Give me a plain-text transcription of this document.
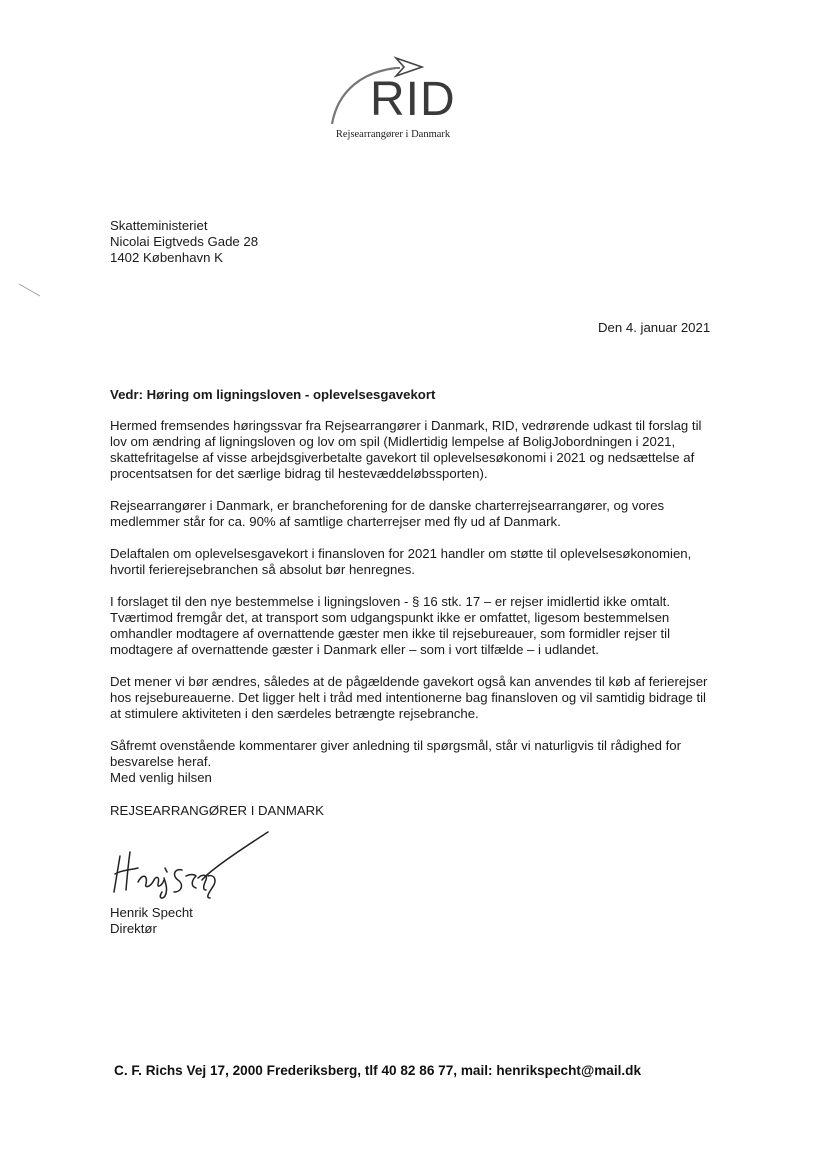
RID
Rejsearrangører i Danmark
Skatteministeriet
Nicolai Eigtveds Gade 28
1402 København K
Den 4. januar 2021
Vedr: Høring om ligningsloven - oplevelsesgavekort

Hermed fremsendes høringssvar fra Rejsearrangører i Danmark, RID, vedrørende udkast til forslag til
lov om ændring af ligningsloven og lov om spil (Midlertidig lempelse af BoligJobordningen i 2021,
skattefritagelse af visse arbejdsgiverbetalte gavekort til oplevelsesøkonomi i 2021 og nedsættelse af
procentsatsen for det særlige bidrag til hestevæddeløbssporten).

Rejsearrangører i Danmark, er brancheforening for de danske charterrejsearrangører, og vores
medlemmer står for ca. 90% af samtlige charterrejser med fly ud af Danmark.

Delaftalen om oplevelsesgavekort i finansloven for 2021 handler om støtte til oplevelsesøkonomien,
hvortil ferierejsebranchen så absolut bør henregnes.

I forslaget til den nye bestemmelse i ligningsloven - § 16 stk. 17 – er rejser imidlertid ikke omtalt.
Tværtimod fremgår det, at transport som udgangspunkt ikke er omfattet, ligesom bestemmelsen
omhandler modtagere af overnattende gæster men ikke til rejsebureauer, som formidler rejser til
modtagere af overnattende gæster i Danmark eller – som i vort tilfælde – i udlandet.

Det mener vi bør ændres, således at de pågældende gavekort også kan anvendes til køb af ferierejser
hos rejsebureauerne. Det ligger helt i tråd med intentionerne bag finansloven og vil samtidig bidrage til
at stimulere aktiviteten i den særdeles betrængte rejsebranche.

Såfremt ovenstående kommentarer giver anledning til spørgsmål, står vi naturligvis til rådighed for
besvarelse heraf.

Med venlig hilsen
REJSEARRANGØRER I DANMARK
Henrik Specht
Direktør
C. F. Richs Vej 17, 2000 Frederiksberg, tlf 40 82 86 77, mail: henrikspecht@mail.dk
